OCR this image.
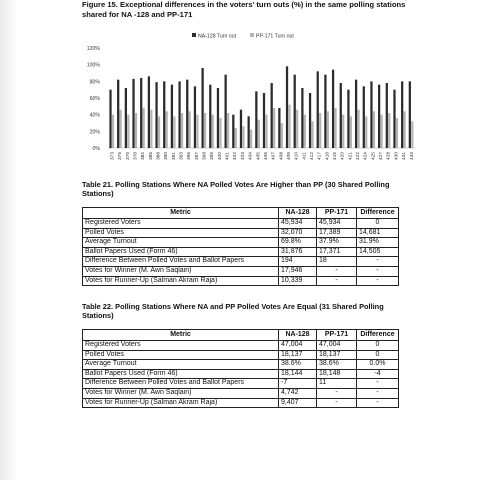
Figure 15. Exceptional differences in the voters' turn outs (%) in the same polling stations
shared for NA -128 and PP-171
NA-128 Turn out	PP-171 Turn out
0%
20%
40%
60%
80%
100%
120%
373 375 376 378 384 386 388 390 391 393 396 397 398 399 400 401 402 403 404 405 406 407 408 409 410 411 412 417 418 419 420 421 422 424 425 427 428 430 431 433
Table 21. Polling Stations Where NA Polled Votes Are Higher than PP (30 Shared Polling
Stations)
Metric	NA-128	PP-171	Difference
Registered Voters	45,934	45,934	0
Polled Votes	32,070	17,389	14,681
Average Turnout	69.8%	37.9%	31.9%
Ballot Papers Used (Form 46)	31,876	17,371	14,505
Difference Between Polled Votes and Ballot Papers	194	18	-
Votes for Winner (M. Awn Saqlain)	17,946	-	-
Votes for Runner-Up (Salman Akram Raja)	10,339	-	-
Table 22. Polling Stations Where NA and PP Polled Votes Are Equal (31 Shared Polling
Stations)
Metric	NA-128	PP-171	Difference
Registered Voters	47,004	47,004	0
Polled Votes	18,137	18,137	0
Average Turnout	38.6%	38.6%	0.0%
Ballot Papers Used (Form 46)	18,144	18,148	-4
Difference Between Polled Votes and Ballot Papers	-7	11	-
Votes for Winner (M. Awn Saqlain)	4,742	-	-
Votes for Runner-Up (Salman Akram Raja)	9,407	-	-
